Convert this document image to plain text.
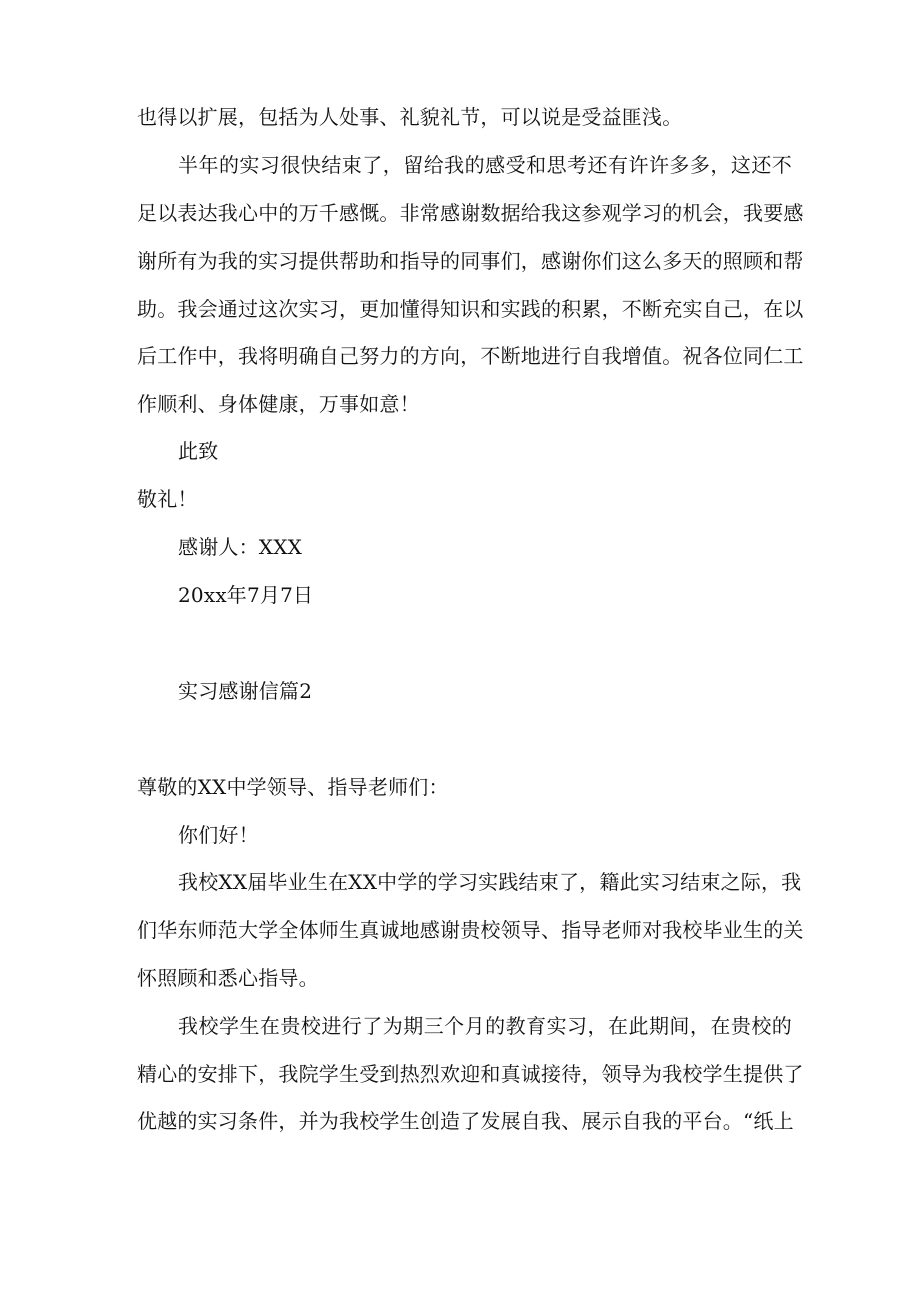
也得以扩展，包括为人处事、礼貌礼节，可以说是受益匪浅。
半年的实习很快结束了，留给我的感受和思考还有许许多多，这还不
足以表达我心中的万千感慨。非常感谢数据给我这参观学习的机会，我要感
谢所有为我的实习提供帮助和指导的同事们，感谢你们这么多天的照顾和帮
助。我会通过这次实习，更加懂得知识和实践的积累，不断充实自己，在以
后工作中，我将明确自己努力的方向，不断地进行自我增值。祝各位同仁工
作顺利、身体健康，万事如意！
此致
敬礼！
感谢人：XXX
20xx年7月7日
实习感谢信篇2
尊敬的XX中学领导、指导老师们：
你们好！
我校XX届毕业生在XX中学的学习实践结束了，籍此实习结束之际，我
们华东师范大学全体师生真诚地感谢贵校领导、指导老师对我校毕业生的关
怀照顾和悉心指导。
我校学生在贵校进行了为期三个月的教育实习，在此期间，在贵校的
精心的安排下，我院学生受到热烈欢迎和真诚接待，领导为我校学生提供了
优越的实习条件，并为我校学生创造了发展自我、展示自我的平台。“纸上
